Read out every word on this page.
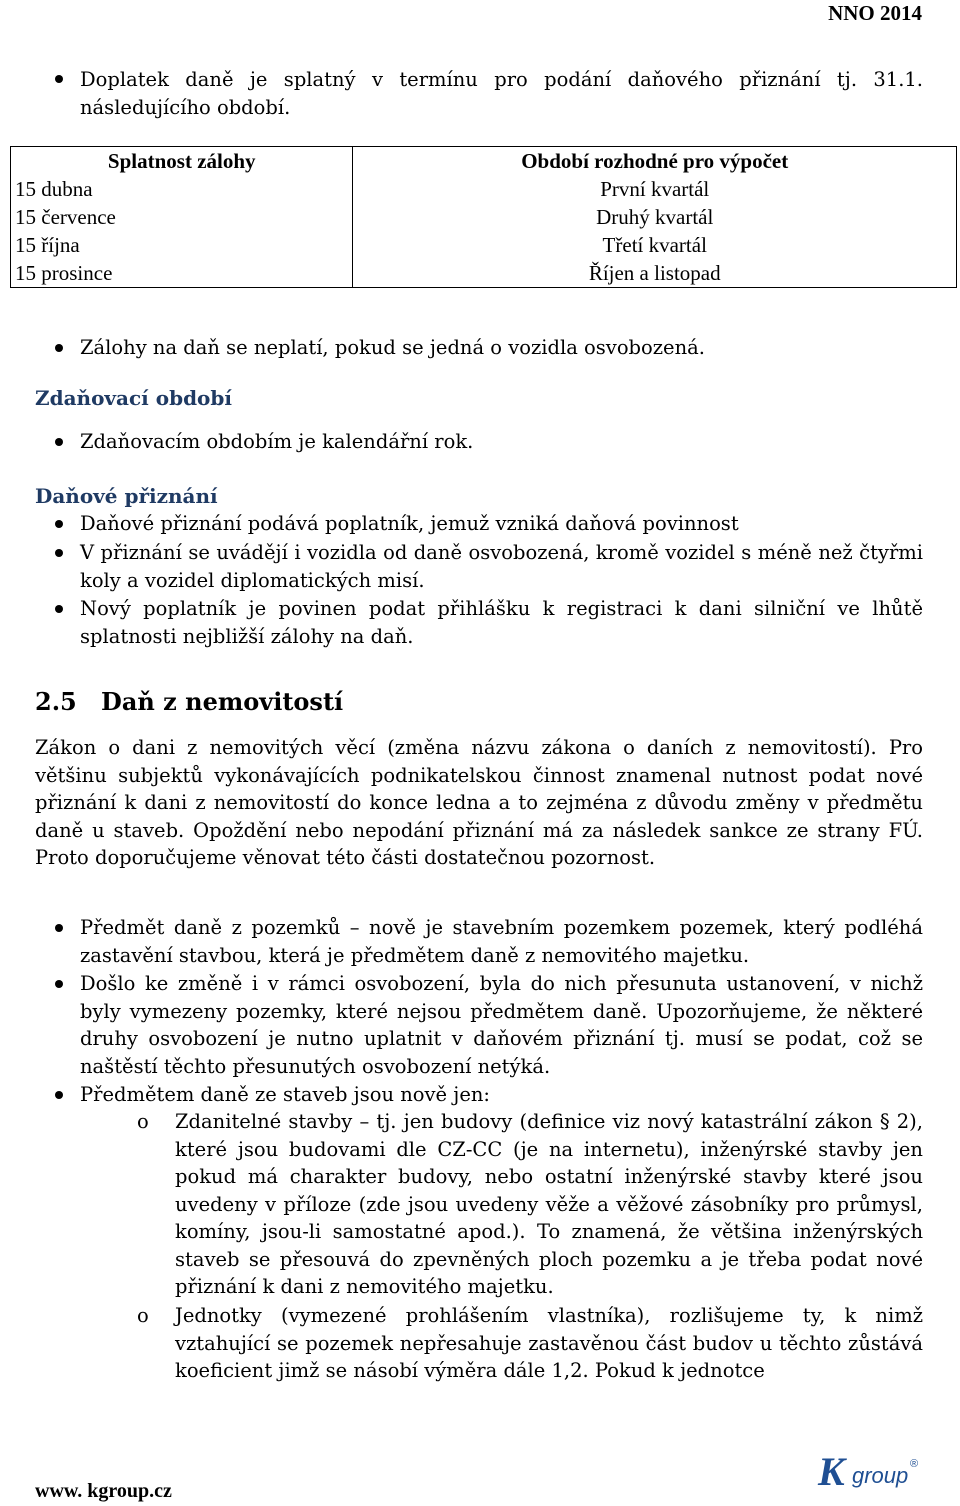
NNO 2014
Doplatek daně je splatný v termínu pro podání daňového přiznání tj. 31.1. následujícího období.
Splatnost zálohy	Období rozhodné pro výpočet
15 dubna	První kvartál
15 července	Druhý kvartál
15 října	Třetí kvartál
15 prosince	Říjen a listopad
Zálohy na daň se neplatí, pokud se jedná o vozidla osvobozená.
Zdaňovací období
Zdaňovacím obdobím je kalendářní rok.
Daňové přiznání
Daňové přiznání podává poplatník, jemuž vzniká daňová povinnost
V přiznání se uvádějí i vozidla od daně osvobozená, kromě vozidel s méně než čtyřmi koly a vozidel diplomatických misí.
Nový poplatník je povinen podat přihlášku k registraci k dani silniční ve lhůtě splatnosti nejbližší zálohy na daň.
2.5 Daň z nemovitostí
Zákon o dani z nemovitých věcí (změna názvu zákona o daních z nemovitostí). Pro většinu subjektů vykonávajících podnikatelskou činnost znamenal nutnost podat nové přiznání k dani z nemovitostí do konce ledna a to zejména z důvodu změny v předmětu daně u staveb. Opoždění nebo nepodání přiznání má za následek sankce ze strany FÚ. Proto doporučujeme věnovat této části dostatečnou pozornost.
Předmět daně z pozemků – nově je stavebním pozemkem pozemek, který podléhá zastavění stavbou, která je předmětem daně z nemovitého majetku.
Došlo ke změně i v rámci osvobození, byla do nich přesunuta ustanovení, v nichž byly vymezeny pozemky, které nejsou předmětem daně. Upozorňujeme, že některé druhy osvobození je nutno uplatnit v daňovém přiznání tj. musí se podat, což se naštěstí těchto přesunutých osvobození netýká.
Předmětem daně ze staveb jsou nově jen:
o Zdanitelné stavby – tj. jen budovy (definice viz nový katastrální zákon § 2), které jsou budovami dle CZ-CC (je na internetu), inženýrské stavby jen pokud má charakter budovy, nebo ostatní inženýrské stavby které jsou uvedeny v příloze (zde jsou uvedeny věže a věžové zásobníky pro průmysl, komíny, jsou-li samostatné apod.). To znamená, že většina inženýrských staveb se přesouvá do zpevněných ploch pozemku a je třeba podat nové přiznání k dani z nemovitého majetku.
o Jednotky (vymezené prohlášením vlastníka), rozlišujeme ty, k nimž vztahující se pozemek nepřesahuje zastavěnou část budov u těchto zůstává koeficient jimž se násobí výměra dále 1,2. Pokud k jednotce
www. kgroup.cz	K group ®
